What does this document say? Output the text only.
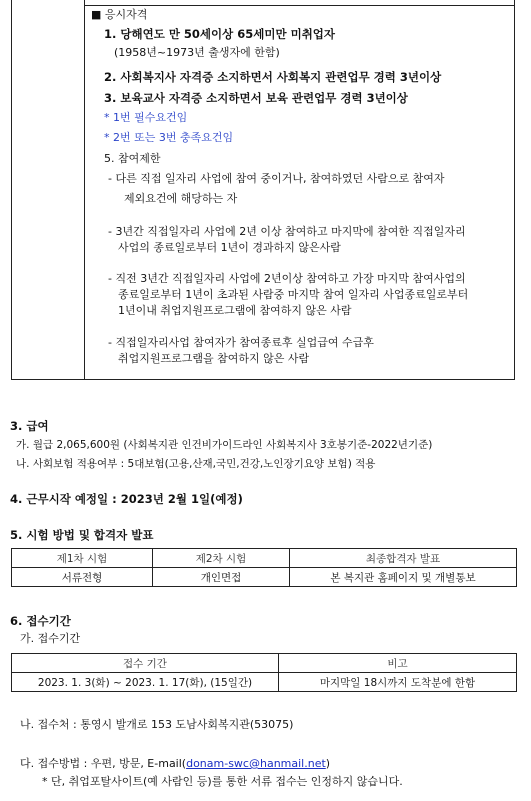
■ 응시자격
1. 당해연도 만 50세이상 65세미만 미취업자
(1958년~1973년 출생자에 한함)
2. 사회복지사 자격증 소지하면서 사회복지 관련업무 경력 3년이상
3. 보육교사 자격증 소지하면서 보육 관련업무 경력 3년이상
* 1번 필수요건임
* 2번 또는 3번 충족요건임
5. 참여제한
- 다른 직접 일자리 사업에 참여 중이거나, 참여하였던 사람으로 참여자
제외요건에 해당하는 자
- 3년간 직접일자리 사업에 2년 이상 참여하고 마지막에 참여한 직접일자리
사업의 종료일로부터 1년이 경과하지 않은사람
- 직전 3년간 직접일자리 사업에 2년이상 참여하고 가장 마지막 참여사업의
종료일로부터 1년이 초과된 사람중 마지막 참여 일자리 사업종료일로부터
1년이내 취업지원프로그램에 참여하지 않은 사람
- 직접일자리사업 참여자가 참여종료후 실업급여 수급후
취업지원프로그램을 참여하지 않은 사람
3. 급여
가. 월급 2,065,600원 (사회복지관 인건비가이드라인 사회복지사 3호봉기준-2022년기준)
나. 사회보험 적용여부 : 5대보험(고용,산재,국민,건강,노인장기요양 보험) 적용
4. 근무시작 예정일 : 2023년 2월 1일(예정)
5. 시험 방법 및 합격자 발표
제1차 시험	제2차 시험	최종합격자 발표
서류전형	개인면접	본 복지관 홈페이지 및 개별통보
6. 접수기간
가. 접수기간
접수 기간	비고
2023. 1. 3(화) ~ 2023. 1. 17(화), (15일간)	마지막일 18시까지 도착분에 한함
나. 접수처 : 통영시 발개로 153 도남사회복지관(53075)
다. 접수방법 : 우편, 방문, E-mail(donam-swc@hanmail.net)
* 단, 취업포탈사이트(예 사람인 등)를 통한 서류 접수는 인정하지 않습니다.
